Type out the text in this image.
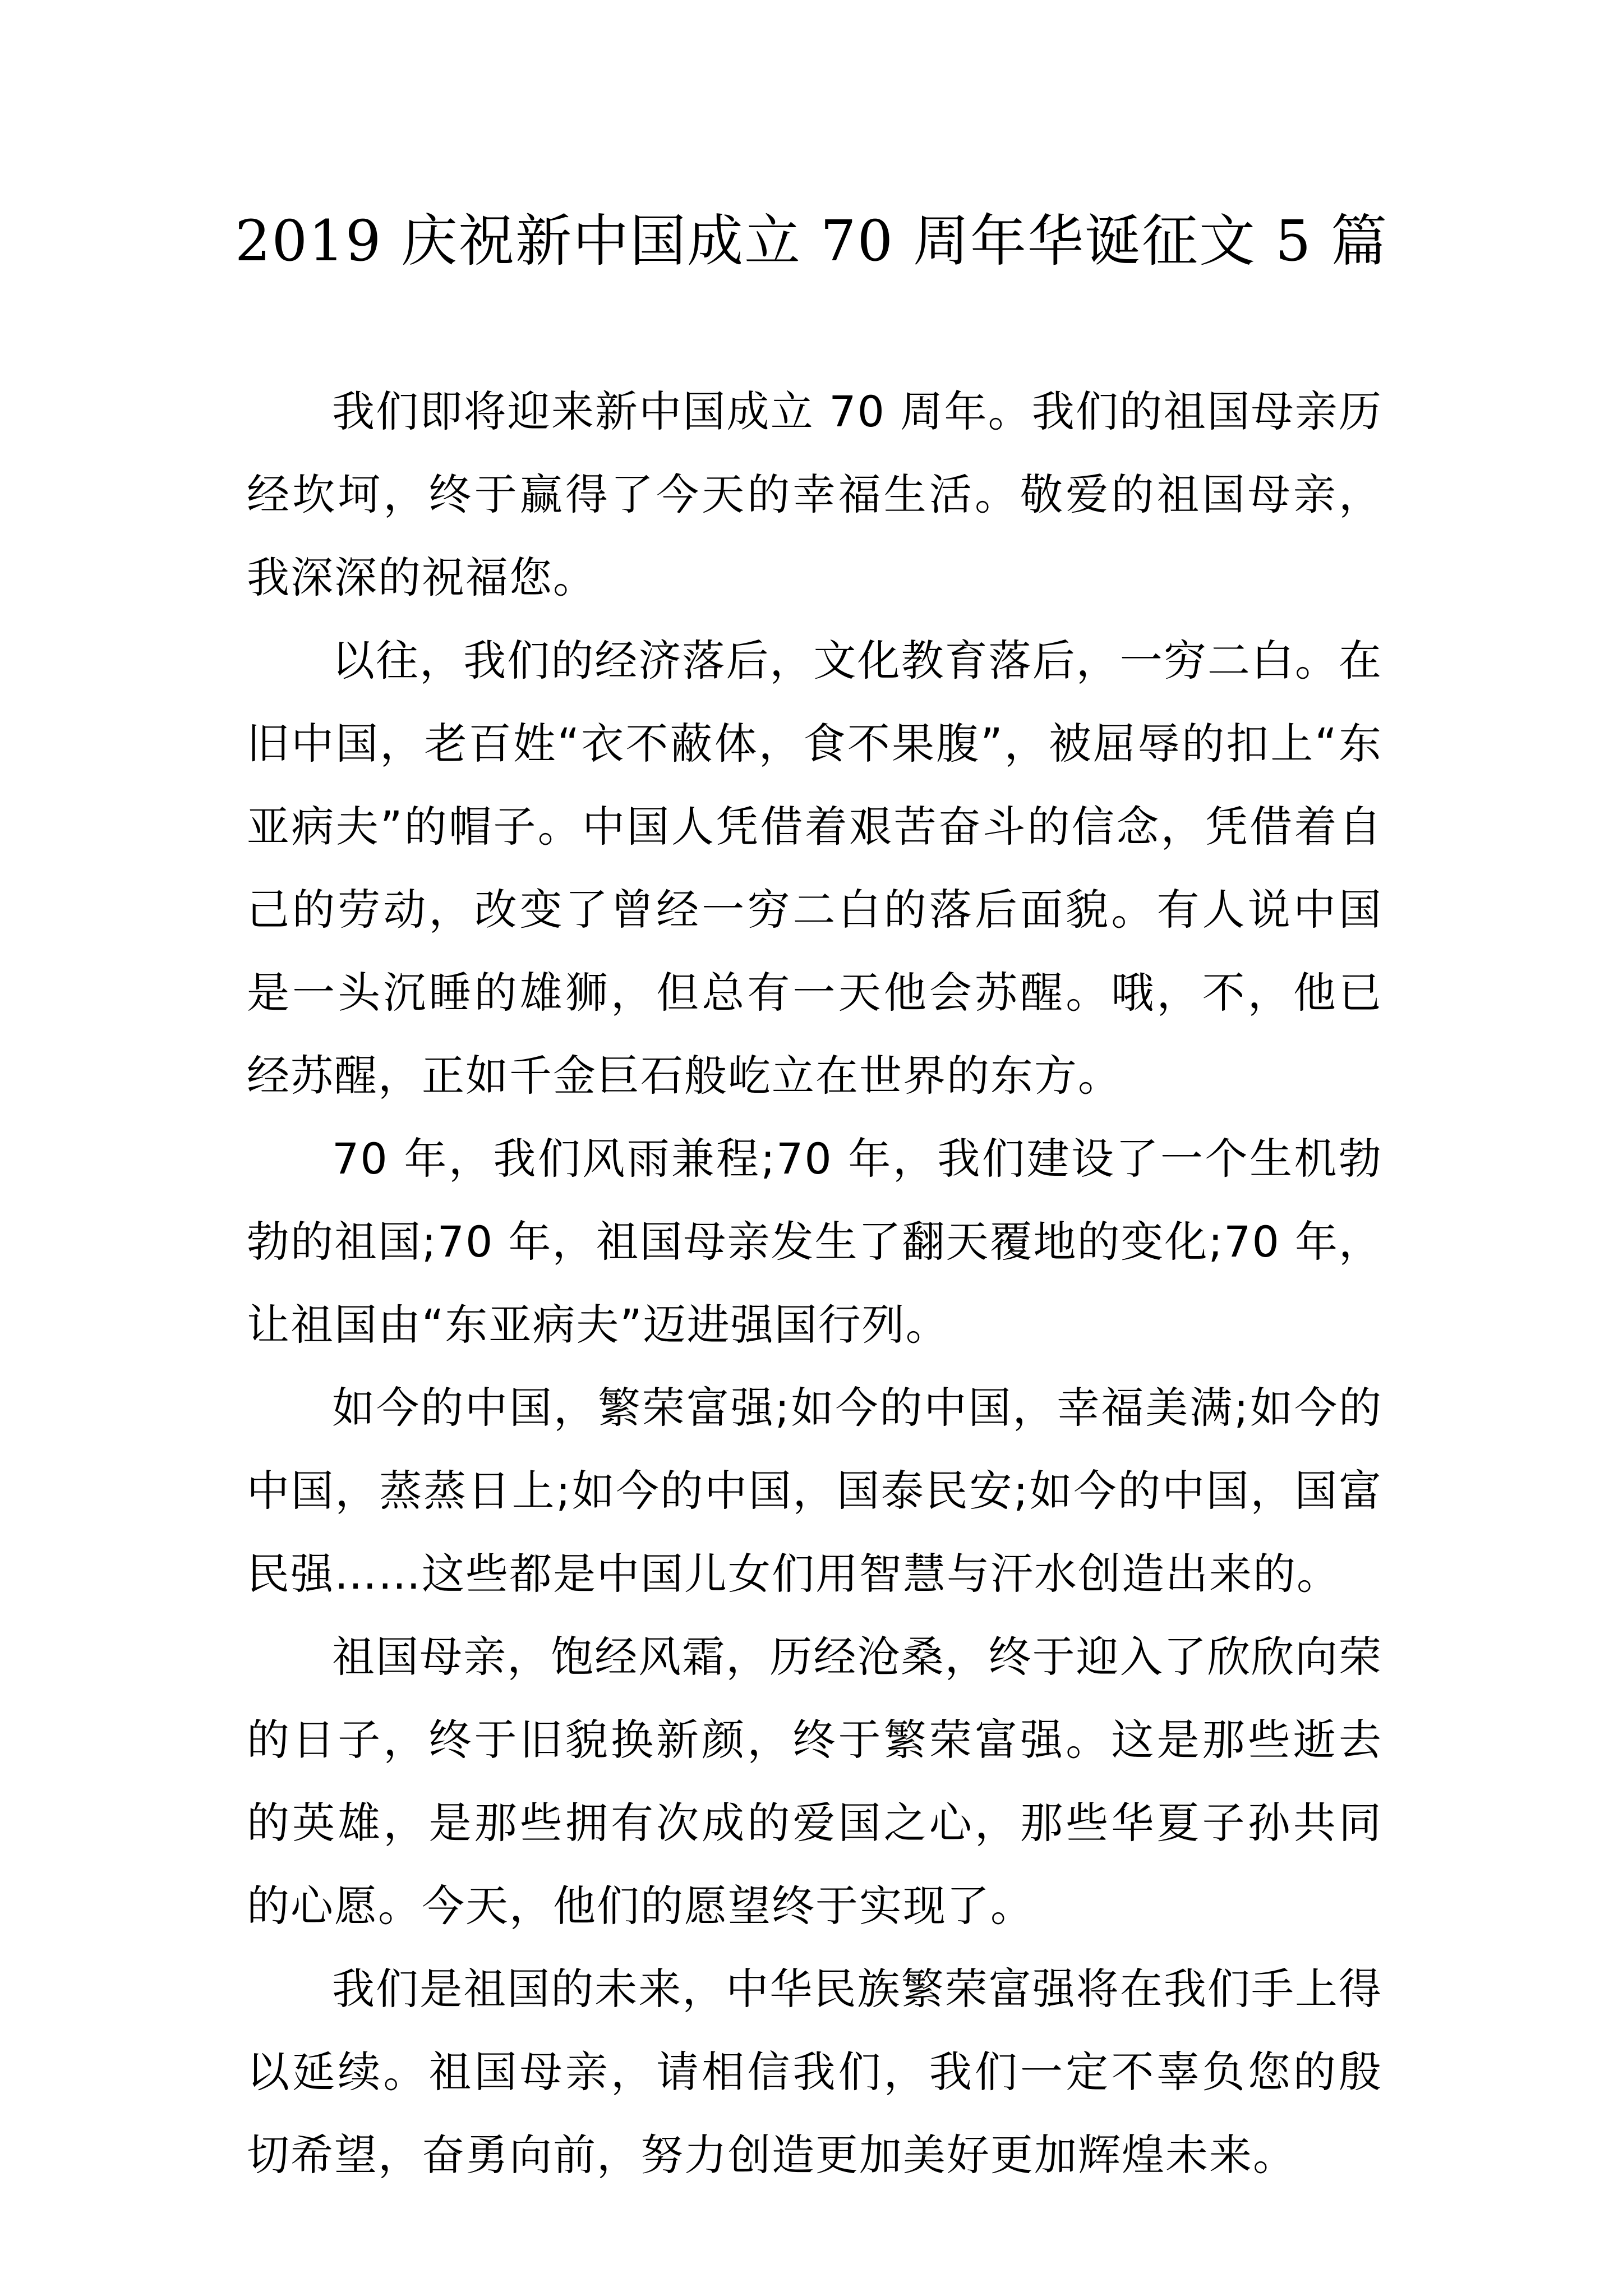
2019 庆祝新中国成立 70 周年华诞征文 5 篇

我们即将迎来新中国成立 70 周年。我们的祖国母亲历经坎坷，终于赢得了今天的幸福生活。敬爱的祖国母亲，我深深的祝福您。

以往，我们的经济落后，文化教育落后，一穷二白。在旧中国，老百姓“衣不蔽体，食不果腹”，被屈辱的扣上“东亚病夫”的帽子。中国人凭借着艰苦奋斗的信念，凭借着自己的劳动，改变了曾经一穷二白的落后面貌。有人说中国是一头沉睡的雄狮，但总有一天他会苏醒。哦，不，他已经苏醒，正如千金巨石般屹立在世界的东方。

70 年，我们风雨兼程;70 年，我们建设了一个生机勃勃的祖国;70 年，祖国母亲发生了翻天覆地的变化;70 年，让祖国由“东亚病夫”迈进强国行列。

如今的中国，繁荣富强;如今的中国，幸福美满;如今的中国，蒸蒸日上;如今的中国，国泰民安;如今的中国，国富民强……这些都是中国儿女们用智慧与汗水创造出来的。

祖国母亲，饱经风霜，历经沧桑，终于迎入了欣欣向荣的日子，终于旧貌换新颜，终于繁荣富强。这是那些逝去的英雄，是那些拥有次成的爱国之心，那些华夏子孙共同的心愿。今天，他们的愿望终于实现了。

我们是祖国的未来，中华民族繁荣富强将在我们手上得以延续。祖国母亲，请相信我们，我们一定不辜负您的殷切希望，奋勇向前，努力创造更加美好更加辉煌未来。
